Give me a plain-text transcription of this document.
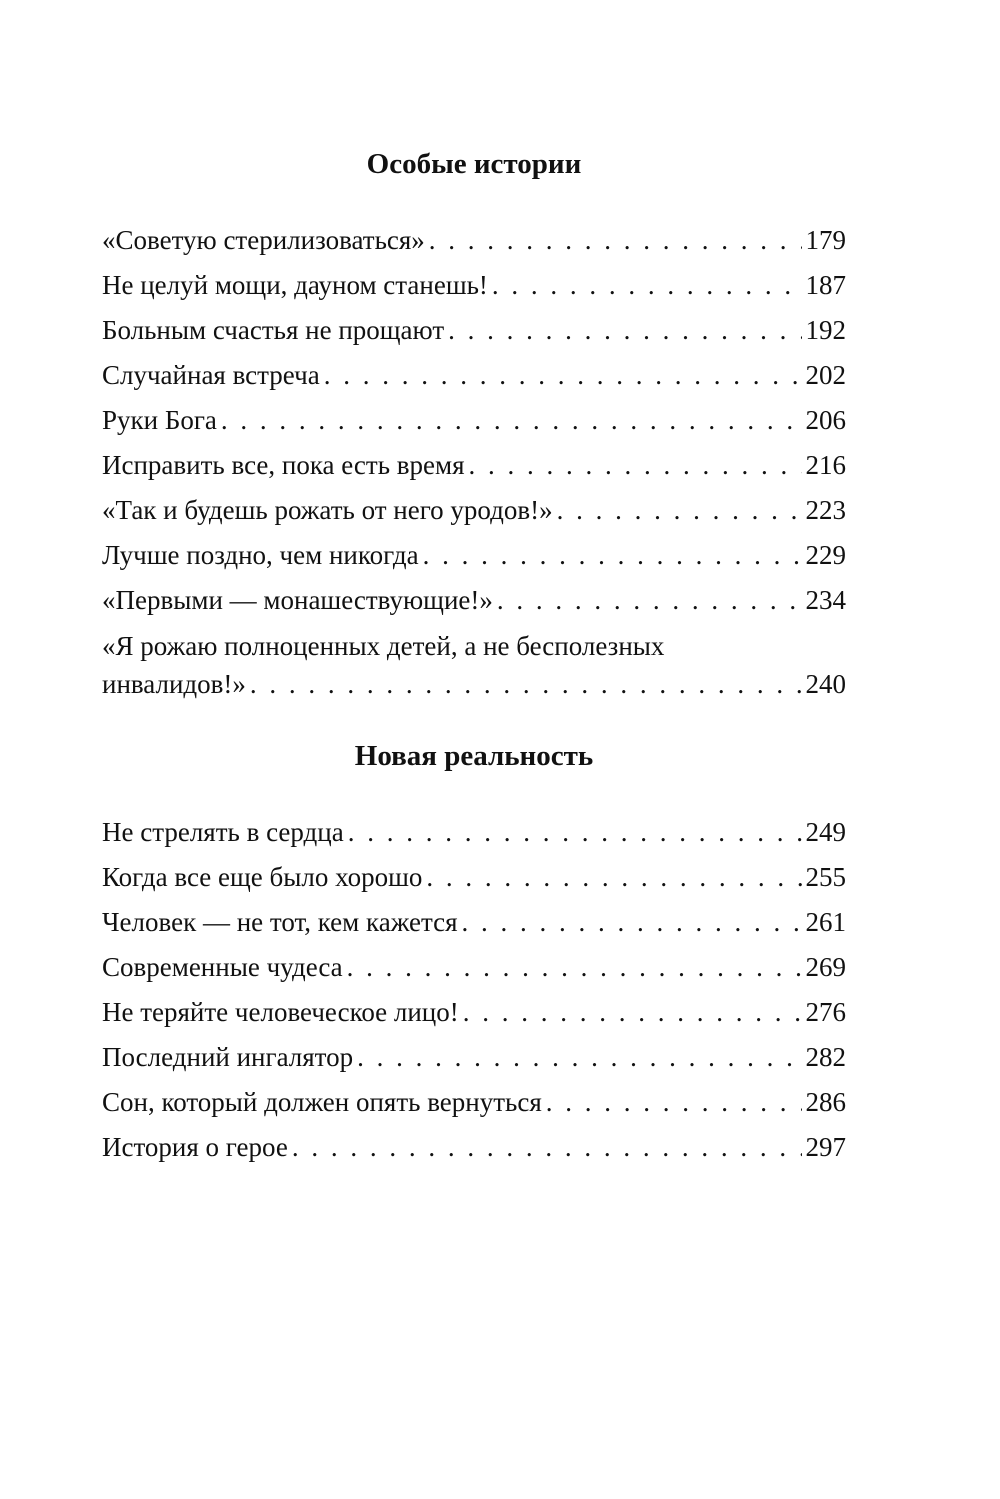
Особые истории
«Советую стерилизоваться» . . .	179
Не целуй мощи, дауном станешь! . . .	187
Больным счастья не прощают . . .	192
Случайная встреча . . .	202
Руки Бога . . .	206
Исправить все, пока есть время . . .	216
«Так и будешь рожать от него уродов!» . . .	223
Лучше поздно, чем никогда . . .	229
«Первыми — монашествующие!» . . .	234
«Я рожаю полноценных детей, а не бесполезных
инвалидов!» . . .	240
Новая реальность
Не стрелять в сердца . . .	249
Когда все еще было хорошо . . .	255
Человек — не тот, кем кажется . . .	261
Современные чудеса . . .	269
Не теряйте человеческое лицо! . . .	276
Последний ингалятор . . .	282
Сон, который должен опять вернуться . . .	286
История о герое . . .	297
